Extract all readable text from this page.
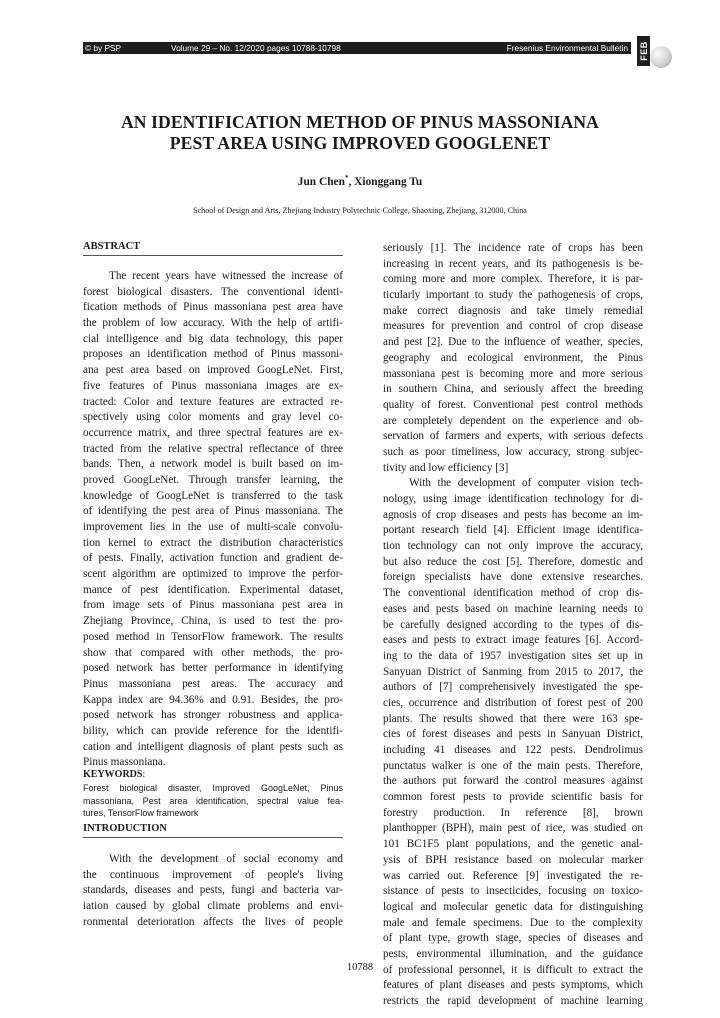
© by PSP	Volume 29 – No. 12/2020 pages 10788-10798	Fresenius Environmental Bulletin FEB
AN IDENTIFICATION METHOD OF PINUS MASSONIANA
PEST AREA USING IMPROVED GOOGLENET
Jun Chen*, Xionggang Tu
School of Design and Arts, Zhejiang Industry Polytechnic College, Shaoxing, Zhejiang, 312000, China
ABSTRACT
The recent years have witnessed the increase of
forest biological disasters. The conventional identi-
fication methods of Pinus massoniana pest area have
the problem of low accuracy. With the help of artifi-
cial intelligence and big data technology, this paper
proposes an identification method of Pinus massoni-
ana pest area based on improved GoogLeNet. First,
five features of Pinus massoniana images are ex-
tracted: Color and texture features are extracted re-
spectively using color moments and gray level co-
occurrence matrix, and three spectral features are ex-
tracted from the relative spectral reflectance of three
bands. Then, a network model is built based on im-
proved GoogLeNet. Through transfer learning, the
knowledge of GoogLeNet is transferred to the task
of identifying the pest area of Pinus massoniana. The
improvement lies in the use of multi-scale convolu-
tion kernel to extract the distribution characteristics
of pests. Finally, activation function and gradient de-
scent algorithm are optimized to improve the perfor-
mance of pest identification. Experimental dataset,
from image sets of Pinus massoniana pest area in
Zhejiang Province, China, is used to test the pro-
posed method in TensorFlow framework. The results
show that compared with other methods, the pro-
posed network has better performance in identifying
Pinus massoniana pest areas. The accuracy and
Kappa index are 94.36% and 0.91. Besides, the pro-
posed network has stronger robustness and applica-
bility, which can provide reference for the identifi-
cation and intelligent diagnosis of plant pests such as
Pinus massoniana.
KEYWORDS:
Forest biological disaster, Improved GoogLeNet, Pinus
massoniana, Pest area identification, spectral value fea-
tures, TensorFlow framework
INTRODUCTION
With the development of social economy and
the continuous improvement of people's living
standards, diseases and pests, fungi and bacteria var-
iation caused by global climate problems and envi-
ronmental deterioration affects the lives of people
seriously [1]. The incidence rate of crops has been
increasing in recent years, and its pathogenesis is be-
coming more and more complex. Therefore, it is par-
ticularly important to study the pathogenesis of crops,
make correct diagnosis and take timely remedial
measures for prevention and control of crop disease
and pest [2]. Due to the influence of weather, species,
geography and ecological environment, the Pinus
massoniana pest is becoming more and more serious
in southern China, and seriously affect the breeding
quality of forest. Conventional pest control methods
are completely dependent on the experience and ob-
servation of farmers and experts, with serious defects
such as poor timeliness, low accuracy, strong subjec-
tivity and low efficiency [3]
With the development of computer vision tech-
nology, using image identification technology for di-
agnosis of crop diseases and pests has become an im-
portant research field [4]. Efficient image identifica-
tion technology can not only improve the accuracy,
but also reduce the cost [5]. Therefore, domestic and
foreign specialists have done extensive researches.
The conventional identification method of crop dis-
eases and pests based on machine learning needs to
be carefully designed according to the types of dis-
eases and pests to extract image features [6]. Accord-
ing to the data of 1957 investigation sites set up in
Sanyuan District of Sanming from 2015 to 2017, the
authors of [7] comprehensively investigated the spe-
cies, occurrence and distribution of forest pest of 200
plants. The results showed that there were 163 spe-
cies of forest diseases and pests in Sanyuan District,
including 41 diseases and 122 pests. Dendrolimus
punctatus walker is one of the main pests. Therefore,
the authors put forward the control measures against
common forest pests to provide scientific basis for
forestry production. In reference [8], brown
planthopper (BPH), main pest of rice, was studied on
101 BC1F5 plant populations, and the genetic anal-
ysis of BPH resistance based on molecular marker
was carried out. Reference [9] investigated the re-
sistance of pests to insecticides, focusing on toxico-
logical and molecular genetic data for distinguishing
male and female specimens. Due to the complexity
of plant type, growth stage, species of diseases and
pests, environmental illumination, and the guidance
of professional personnel, it is difficult to extract the
features of plant diseases and pests symptoms, which
restricts the rapid development of machine learning
10788
